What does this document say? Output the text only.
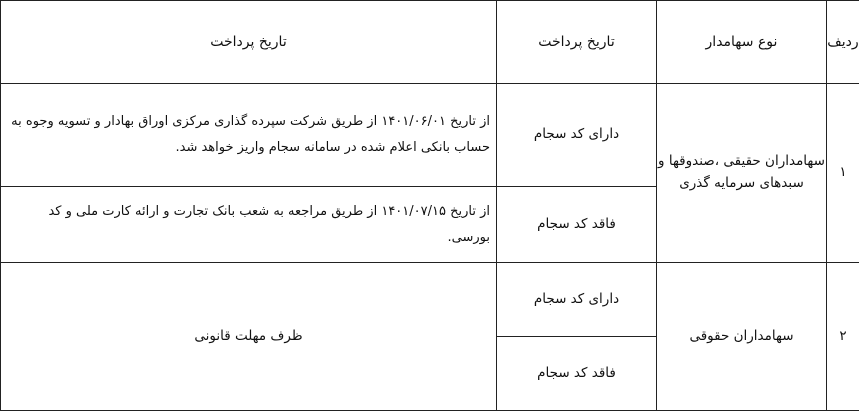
ردیف	نوع سهامدار	تاریخ پرداخت	تاریخ پرداخت
۱	سهامداران حقیقی ،صندوقها و سبدهای سرمایه گذری	دارای کد سجام	از تاریخ ۱۴۰۱/۰۶/۰۱ از طریق شرکت سپرده گذاری مرکزی اوراق بهادار و تسویه وجوه به حساب بانکی اعلام شده در سامانه سجام واریز خواهد شد.
		فاقد کد سجام	از تاریخ ۱۴۰۱/۰۷/۱۵ از طریق مراجعه به شعب بانک تجارت و ارائه کارت ملی و کد بورسی.
۲	سهامداران حقوقی	دارای کد سجام	ظرف مهلت قانونی
		فاقد کد سجام	
